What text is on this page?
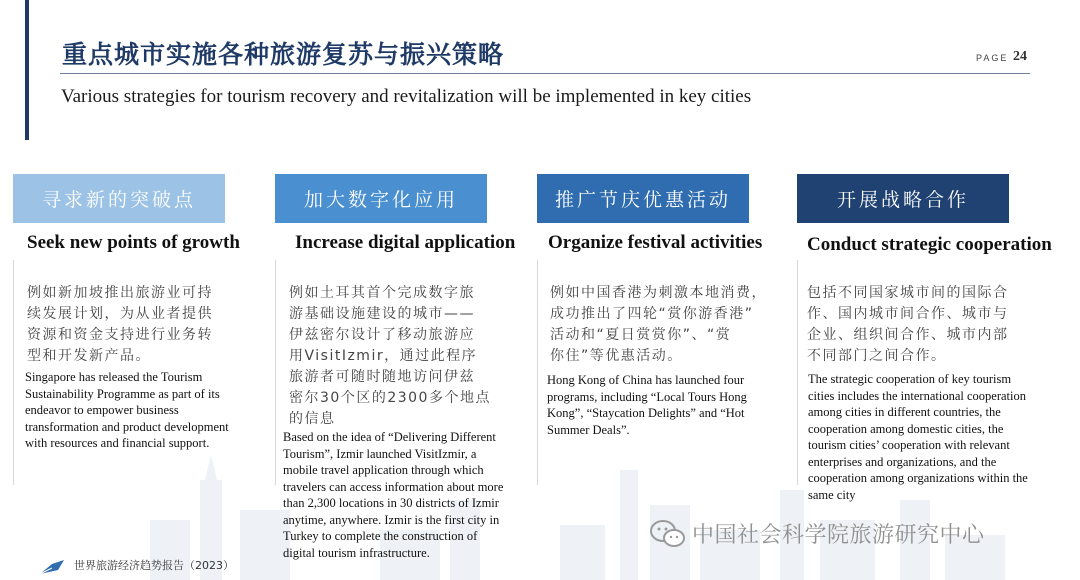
重点城市实施各种旅游复苏与振兴策略	PAGE 24

Various strategies for tourism recovery and revitalization will be implemented in key cities

寻求新的突破点
Seek new points of growth

例如新加坡推出旅游业可持
续发展计划，为从业者提供
资源和资金支持进行业务转
型和开发新产品。

Singapore has released the Tourism
Sustainability Programme as part of its
endeavor to empower business
transformation and product development
with resources and financial support.

加大数字化应用
Increase digital application

例如土耳其首个完成数字旅
游基础设施建设的城市——
伊兹密尔设计了移动旅游应
用VisitIzmir，通过此程序
旅游者可随时随地访问伊兹
密尔30个区的2300多个地点
的信息

Based on the idea of “Delivering Different
Tourism”, Izmir launched VisitIzmir, a
mobile travel application through which
travelers can access information about more
than 2,300 locations in 30 districts of Izmir
anytime, anywhere. Izmir is the first city in
Turkey to complete the construction of
digital tourism infrastructure.

推广节庆优惠活动
Organize festival activities

例如中国香港为刺激本地消费，
成功推出了四轮“赏你游香港”
活动和“夏日赏赏你”、“赏
你住”等优惠活动。

Hong Kong of China has launched four
programs, including “Local Tours Hong
Kong”, “Staycation Delights” and “Hot
Summer Deals”.

开展战略合作
Conduct strategic cooperation

包括不同国家城市间的国际合
作、国内城市间合作、城市与
企业、组织间合作、城市内部
不同部门之间合作。

The strategic cooperation of key tourism
cities includes the international cooperation
among cities in different countries, the
cooperation among domestic cities, the
tourism cities’ cooperation with relevant
enterprises and organizations, and the
cooperation among organizations within the
same city

中国社会科学院旅游研究中心
世界旅游经济趋势报告（2023）
